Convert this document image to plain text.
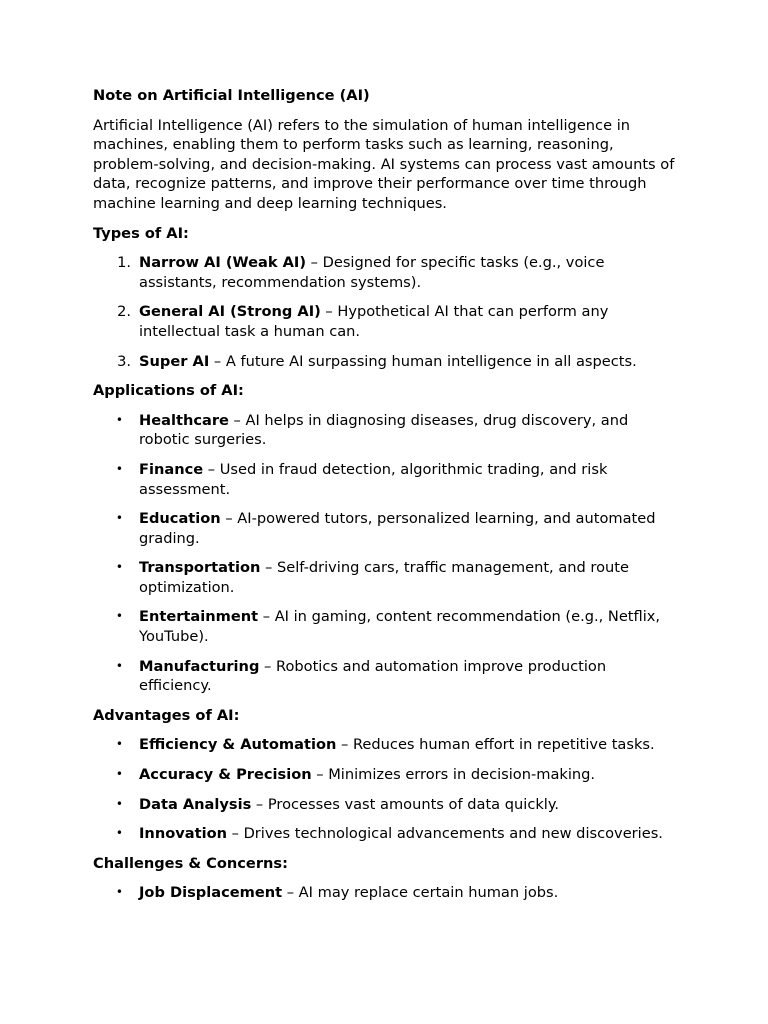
Note on Artificial Intelligence (AI)

Artificial Intelligence (AI) refers to the simulation of human intelligence in machines, enabling them to perform tasks such as learning, reasoning, problem-solving, and decision-making. AI systems can process vast amounts of data, recognize patterns, and improve their performance over time through machine learning and deep learning techniques.

Types of AI:

1. Narrow AI (Weak AI) – Designed for specific tasks (e.g., voice assistants, recommendation systems).
2. General AI (Strong AI) – Hypothetical AI that can perform any intellectual task a human can.
3. Super AI – A future AI surpassing human intelligence in all aspects.

Applications of AI:

• Healthcare – AI helps in diagnosing diseases, drug discovery, and robotic surgeries.
• Finance – Used in fraud detection, algorithmic trading, and risk assessment.
• Education – AI-powered tutors, personalized learning, and automated grading.
• Transportation – Self-driving cars, traffic management, and route optimization.
• Entertainment – AI in gaming, content recommendation (e.g., Netflix, YouTube).
• Manufacturing – Robotics and automation improve production efficiency.

Advantages of AI:

• Efficiency & Automation – Reduces human effort in repetitive tasks.
• Accuracy & Precision – Minimizes errors in decision-making.
• Data Analysis – Processes vast amounts of data quickly.
• Innovation – Drives technological advancements and new discoveries.

Challenges & Concerns:

• Job Displacement – AI may replace certain human jobs.
